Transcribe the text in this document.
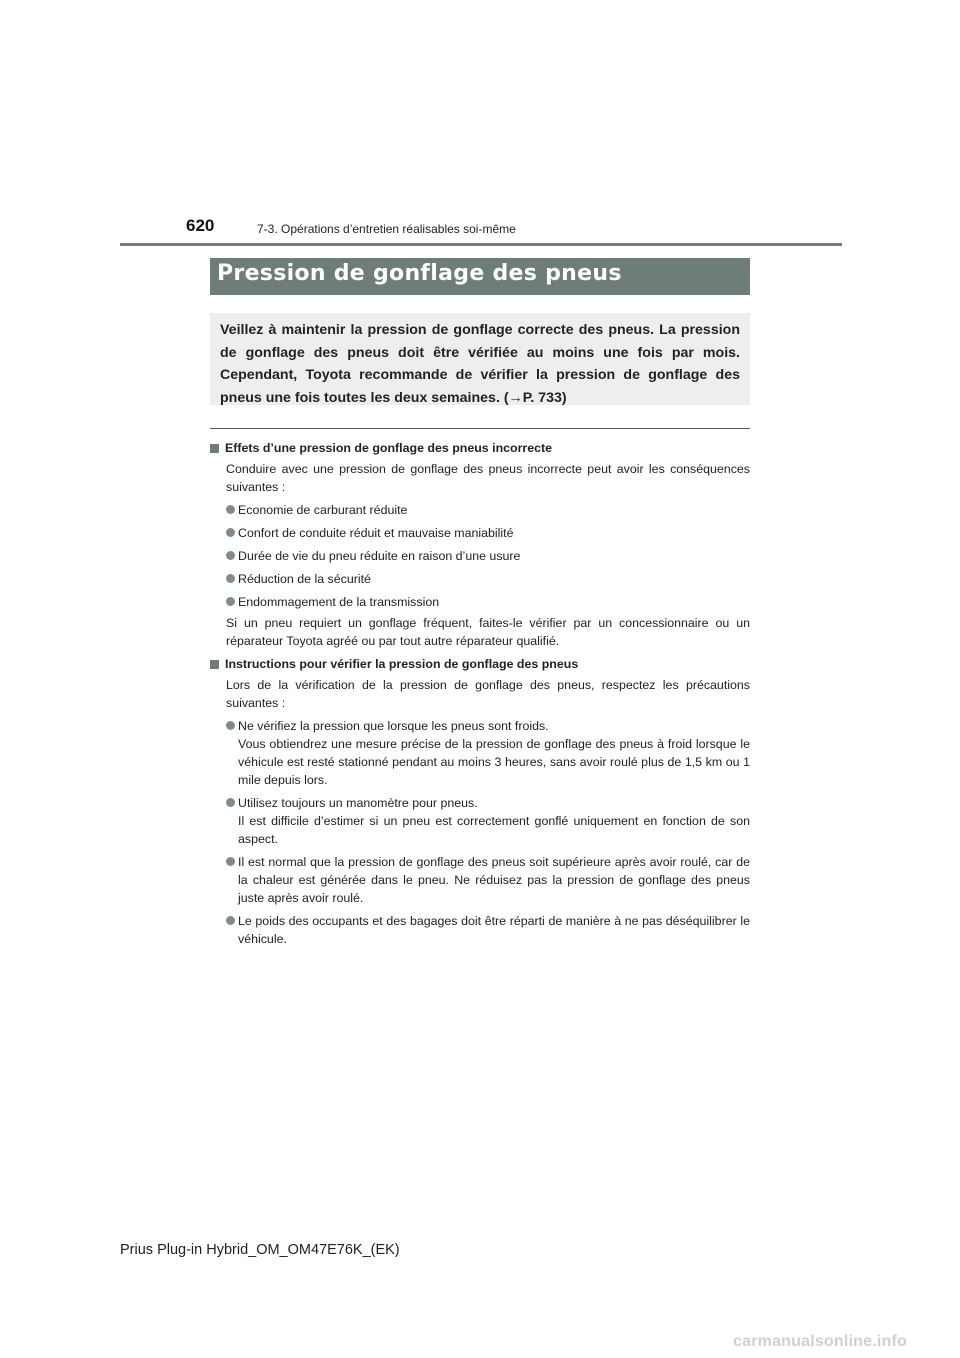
620	7-3. Opérations d’entretien réalisables soi-même
Pression de gonflage des pneus

Veillez à maintenir la pression de gonflage correcte des pneus. La pression de gonflage des pneus doit être vérifiée au moins une fois par mois. Cependant, Toyota recommande de vérifier la pression de gonflage des pneus une fois toutes les deux semaines. (→P. 733)

Effets d’une pression de gonflage des pneus incorrecte
Conduire avec une pression de gonflage des pneus incorrecte peut avoir les conséquences suivantes :
Economie de carburant réduite
Confort de conduite réduit et mauvaise maniabilité
Durée de vie du pneu réduite en raison d’une usure
Réduction de la sécurité
Endommagement de la transmission
Si un pneu requiert un gonflage fréquent, faites-le vérifier par un concessionnaire ou un réparateur Toyota agréé ou par tout autre réparateur qualifié.
Instructions pour vérifier la pression de gonflage des pneus
Lors de la vérification de la pression de gonflage des pneus, respectez les précautions suivantes :
Ne vérifiez la pression que lorsque les pneus sont froids.
Vous obtiendrez une mesure précise de la pression de gonflage des pneus à froid lorsque le véhicule est resté stationné pendant au moins 3 heures, sans avoir roulé plus de 1,5 km ou 1 mile depuis lors.
Utilisez toujours un manomètre pour pneus.
Il est difficile d’estimer si un pneu est correctement gonflé uniquement en fonction de son aspect.
Il est normal que la pression de gonflage des pneus soit supérieure après avoir roulé, car de la chaleur est générée dans le pneu. Ne réduisez pas la pression de gonflage des pneus juste après avoir roulé.
Le poids des occupants et des bagages doit être réparti de manière à ne pas déséquilibrer le véhicule.
Prius Plug-in Hybrid_OM_OM47E76K_(EK)
carmanualsonline.info
